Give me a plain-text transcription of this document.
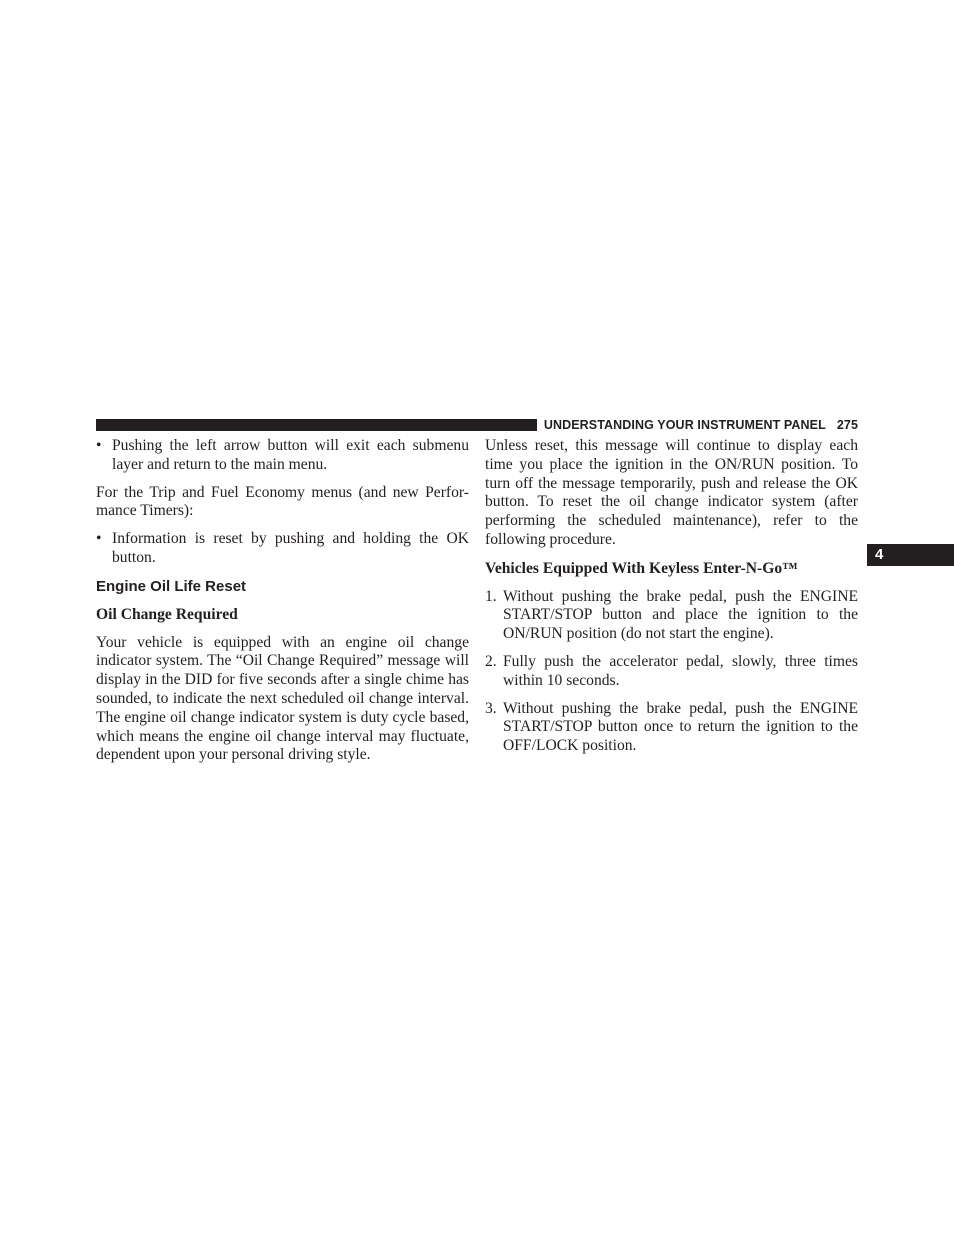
UNDERSTANDING YOUR INSTRUMENT PANEL 275
4
• Pushing the left arrow button will exit each submenu layer and return to the main menu.

For the Trip and Fuel Economy menus (and new Perfor-mance Timers):

• Information is reset by pushing and holding the OK button.
Engine Oil Life Reset
Oil Change Required

Your vehicle is equipped with an engine oil change indicator system. The “Oil Change Required” message will display in the DID for five seconds after a single chime has sounded, to indicate the next scheduled oil change interval. The engine oil change indicator system is duty cycle based, which means the engine oil change interval may fluctuate, dependent upon your personal driving style.

Unless reset, this message will continue to display each time you place the ignition in the ON/RUN position. To turn off the message temporarily, push and release the OK button. To reset the oil change indicator system (after performing the scheduled maintenance), refer to the following procedure.

Vehicles Equipped With Keyless Enter-N-Go™
1. Without pushing the brake pedal, push the ENGINE START/STOP button and place the ignition to the ON/RUN position (do not start the engine).
2. Fully push the accelerator pedal, slowly, three times within 10 seconds.
3. Without pushing the brake pedal, push the ENGINE START/STOP button once to return the ignition to the OFF/LOCK position.
